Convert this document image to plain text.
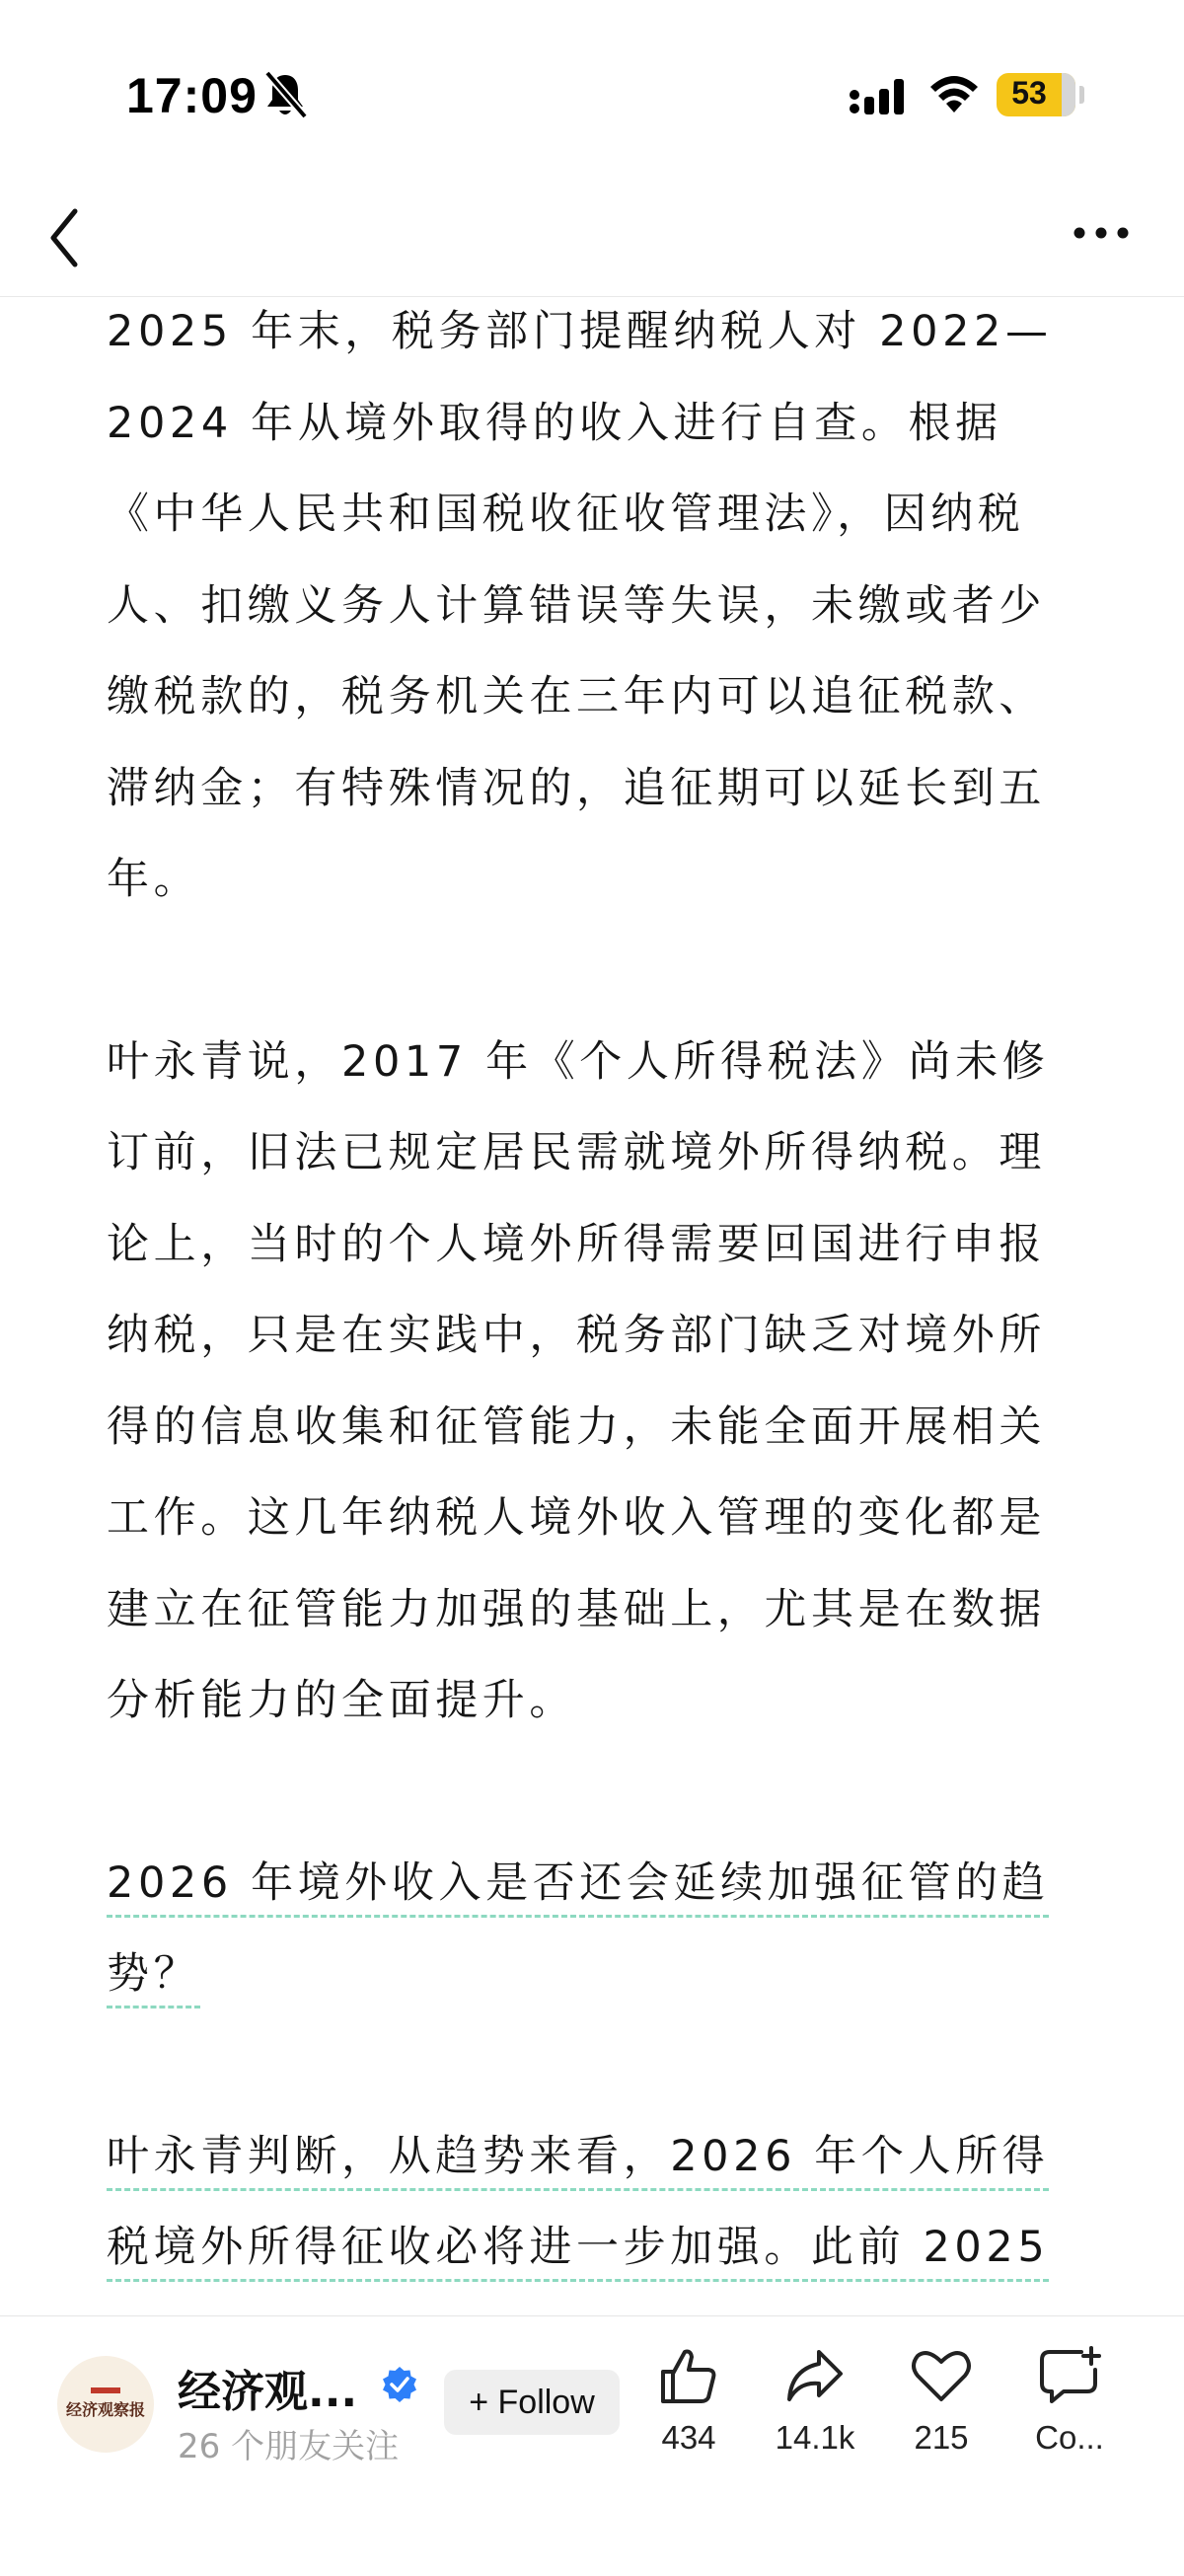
17:09	53

2025 年末，税务部门提醒纳税人对 2022—2024 年从境外取得的收入进行自查。根据《中华人民共和国税收征收管理法》，因纳税人、扣缴义务人计算错误等失误，未缴或者少缴税款的，税务机关在三年内可以追征税款、滞纳金；有特殊情况的，追征期可以延长到五年。

叶永青说，2017 年《个人所得税法》尚未修订前，旧法已规定居民需就境外所得纳税。理论上，当时的个人境外所得需要回国进行申报纳税，只是在实践中，税务部门缺乏对境外所得的信息收集和征管能力，未能全面开展相关工作。这几年纳税人境外收入管理的变化都是建立在征管能力加强的基础上，尤其是在数据分析能力的全面提升。

2026 年境外收入是否还会延续加强征管的趋势？

叶永青判断，从趋势来看，2026 年个人所得税境外所得征收必将进一步加强。此前 2025

经济观察报 经济观...
26 个朋友关注
+ Follow
434	14.1k	215	Co...
